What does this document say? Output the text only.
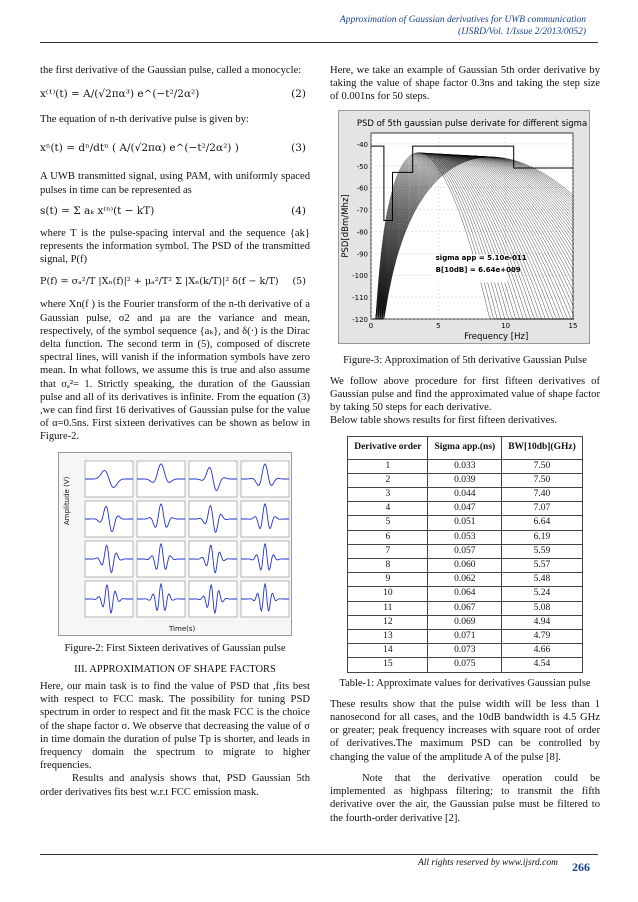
Approximation of Gaussian derivatives for UWB communication
(IJSRD/Vol. 1/Issue 2/2013/0052)

the first derivative of the Gaussian pulse, called a monocycle:

x⁽¹⁾(t) = A/(√2πα³) e^(−t²/2α²)	(2)

The equation of n-th derivative pulse is given by:

xⁿ(t) = dⁿ/dtⁿ ( A/(√2πα) e^(−t²/2α²) )	(3)

A UWB transmitted signal, using PAM, with uniformly spaced pulses in time can be represented as

s(t) = Σ aₖ x⁽ⁿ⁾(t − kT)	(4)

where T is the pulse-spacing interval and the sequence {ak} represents the information symbol. The PSD of the transmitted signal, P(f)

P(f) = σₐ²/T |Xₙ(f)|² + μₐ²/T² Σ |Xₙ(k/T)|² δ(f − k/T) (5)

where Xn(f ) is the Fourier transform of the n-th derivative of a Gaussian pulse, σ2 and μa are the variance and mean, respectively, of the symbol sequence {aₖ}, and δ(·) is the Dirac delta function. The second term in (5), composed of discrete spectral lines, will vanish if the information symbols have zero mean. In what follows, we assume this is true and also assume that σₐ²= 1. Strictly speaking, the duration of the Gaussian pulse and all of its derivatives is infinite. From the equation (3) ,we can find first 16 derivatives of Gaussian pulse for the value of α=0.5ns. First sixteen derivatives can be shown as below in Figure-2.

Amplitude (V)
Time(s)

Figure-2: First Sixteen derivatives of Gaussian pulse

III. APPROXIMATION OF SHAPE FACTORS

Here, our main task is to find the value of PSD that ,fits best with respect to FCC mask. The possibility for tuning PSD spectrum in order to respect and fit the mask FCC is the choice of the shape factor σ. We observe that decreasing the value of σ in time domain the duration of pulse Tp is shorter, and leads in frequency domain the spectrum to migrate to higher frequencies.

Results and analysis shows that, PSD Gaussian 5th order derivatives fits best w.r.t FCC emission mask.

Here, we take an example of Gaussian 5th order derivative by taking the value of shape factor 0.3ns and taking the step size of 0.001ns for 50 steps.

PSD of 5th gaussian pulse derivate for different sigma
-40
-50
-60
-70
-80
-90
-100
-110
-120
0	5	10	15
Frequency [Hz]
PSD[dBm/Mhz]
sigma app = 5.10e-011
B[10dB] = 6.64e+009

Figure-3: Approximation of 5th derivative Gaussian Pulse

We follow above procedure for first fifteen derivatives of Gaussian pulse and find the approximated value of shape factor by taking 50 steps for each derivative.

Below table shows results for first fifteen derivatives.

Derivative order	Sigma app.(ns)	BW[10db](GHz)
1	0.033	7.50
2	0.039	7.50
3	0.044	7.40
4	0.047	7.07
5	0.051	6.64
6	0.053	6.19
7	0.057	5.59
8	0.060	5.57
9	0.062	5.48
10	0.064	5.24
11	0.067	5.08
12	0.069	4.94
13	0.071	4.79
14	0.073	4.66
15	0.075	4.54

Table-1: Approximate values for derivatives Gaussian pulse

These results show that the pulse width will be less than 1 nanosecond for all cases, and the 10dB bandwidth is 4.5 GHz or greater; peak frequency increases with square root of order of derivatives.The maximum PSD can be controlled by changing the value of the amplitude A of the pulse [8].

Note that the derivative operation could be implemented as highpass filtering; to transmit the fifth derivative over the air, the Gaussian pulse must be filtered to the fourth-order derivative [2].

All rights reserved by www.ijsrd.com 266
